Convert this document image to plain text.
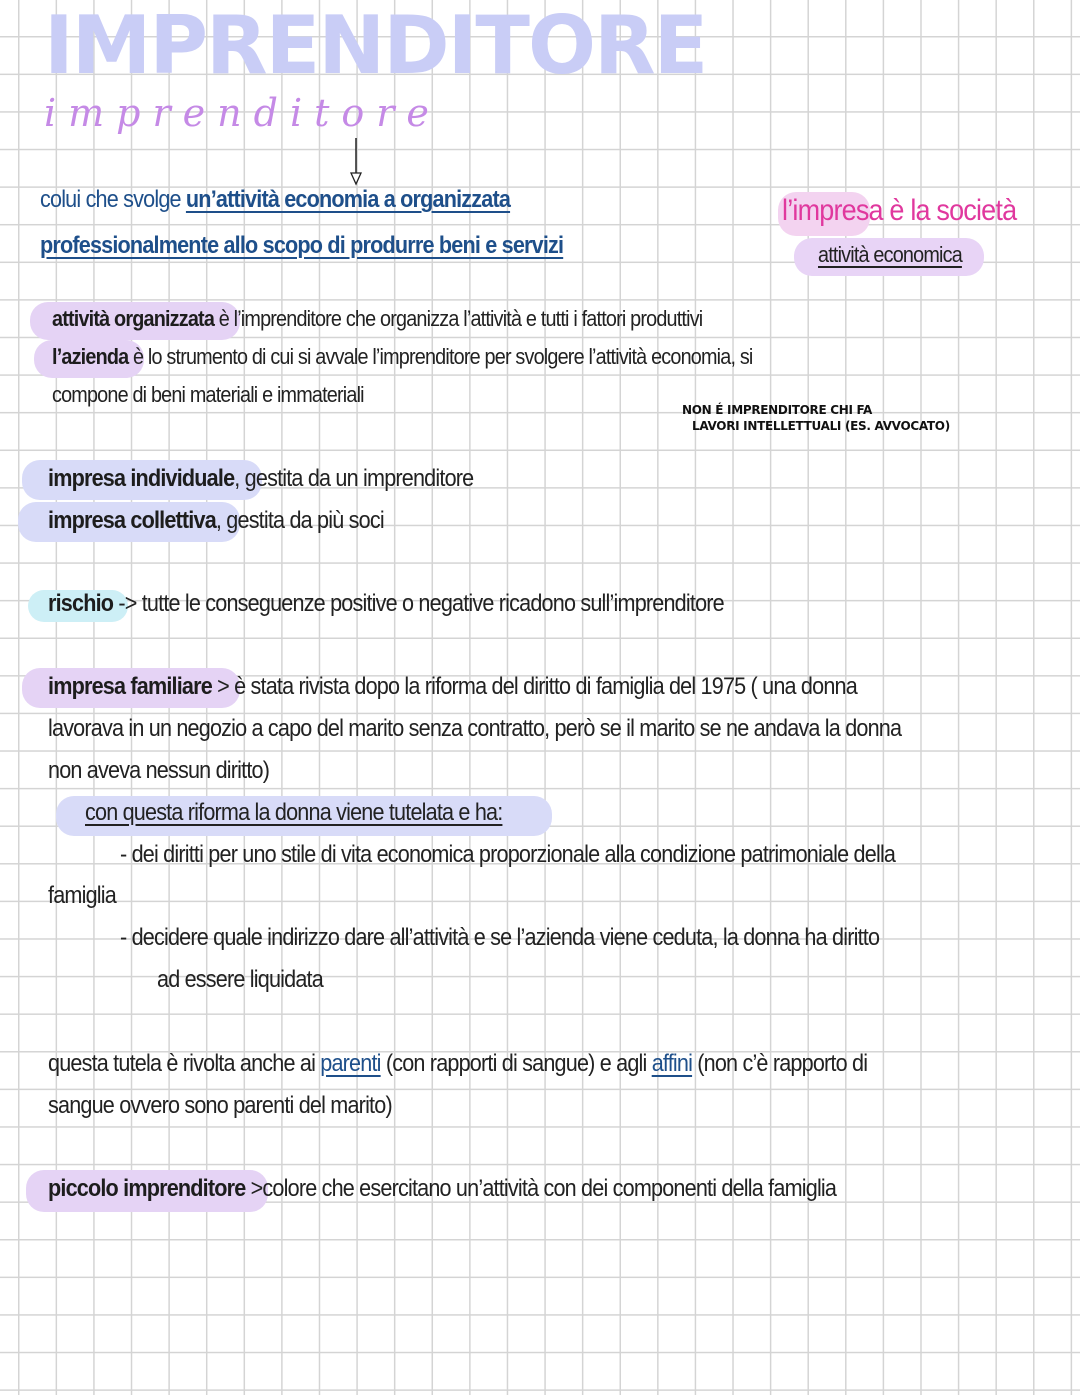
IMPRENDITORE
imprenditore
colui che svolge un’attività economia a organizzata
professionalmente allo scopo di produrre beni e servizi
l’impresa è la società
attività economica
NON É IMPRENDITORE CHI FA
LAVORI INTELLETTUALI (ES. AVVOCATO)
attività organizzata è l’imprenditore che organizza l’attività e tutti i fattori produttivi
l’azienda è lo strumento di cui si avvale l’imprenditore per svolgere l’attività economia, si
compone di beni materiali e immateriali
impresa individuale, gestita da un imprenditore
impresa collettiva, gestita da più soci
rischio -> tutte le conseguenze positive o negative ricadono sull’imprenditore
impresa familiare > è stata rivista dopo la riforma del diritto di famiglia del 1975 ( una donna
lavorava in un negozio a capo del marito senza contratto, però se il marito se ne andava la donna
non aveva nessun diritto)
con questa riforma la donna viene tutelata e ha:
- dei diritti per uno stile di vita economica proporzionale alla condizione patrimoniale della
famiglia
- decidere quale indirizzo dare all’attività e se l’azienda viene ceduta, la donna ha diritto
ad essere liquidata
questa tutela è rivolta anche ai parenti (con rapporti di sangue) e agli affini (non c’è rapporto di
sangue ovvero sono parenti del marito)
piccolo imprenditore >colore che esercitano un’attività con dei componenti della famiglia
